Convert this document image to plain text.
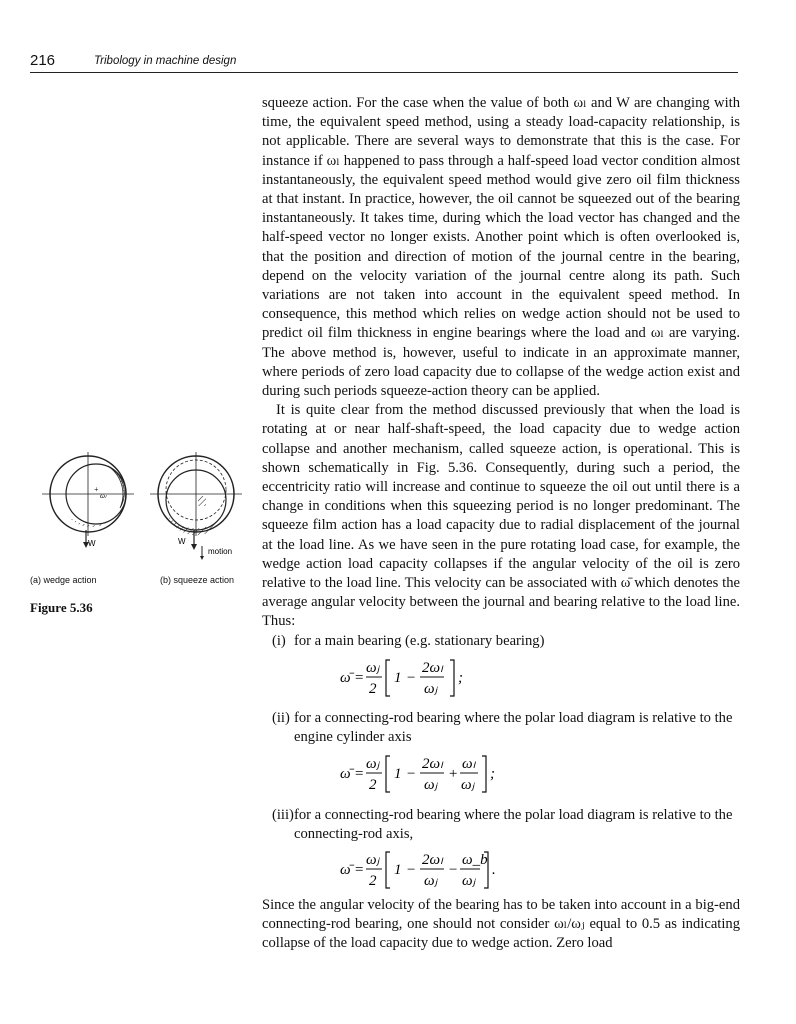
216	Tribology in machine design

squeeze action. For the case when the value of both ωₗ and W are changing with time, the equivalent speed method, using a steady load-capacity relationship, is not applicable. There are several ways to demonstrate that this is the case. For instance if ωₗ happened to pass through a half-speed load vector condition almost instantaneously, the equivalent speed method would give zero oil film thickness at that instant. In practice, however, the oil cannot be squeezed out of the bearing instantaneously. It takes time, during which the load vector has changed and the half-speed vector no longer exists. Another point which is often overlooked is, that the position and direction of motion of the journal centre in the bearing, depend on the velocity variation of the journal centre along its path. Such variations are not taken into account in the equivalent speed method. In consequence, this method which relies on wedge action should not be used to predict oil film thickness in engine bearings where the load and ωₗ are varying. The above method is, however, useful to indicate in an approximate manner, where periods of zero load capacity due to collapse of the wedge action exist and during such periods squeeze-action theory can be applied.

It is quite clear from the method discussed previously that when the load is rotating at or near half-shaft-speed, the load capacity due to wedge action collapse and another mechanism, called squeeze action, is operational. This is shown schematically in Fig. 5.36. Consequently, during such a period, the eccentricity ratio will increase and continue to squeeze the oil out until there is a change in conditions when this squeezing period is no longer predominant. The squeeze film action has a load capacity due to radial displacement of the journal at the load line. As we have seen in the pure rotating load case, for example, the wedge action load capacity collapses if the angular velocity of the oil is zero relative to the load line. This velocity can be associated with ω̄ which denotes the average angular velocity between the journal and bearing relative to the load line. Thus:

+
ωₗ
W	W
motion
(a) wedge action	(b) squeeze action
Figure 5.36
(i) for a main bearing (e.g. stationary bearing)
ω̄ =
ωⱼ
2
1 −
2ωₗ
ωⱼ
;
(ii) for a connecting-rod bearing where the polar load diagram is relative to the engine cylinder axis
ω̄ =
ωⱼ
2
1 −
2ωₗ
ωⱼ
+
ωₗ
ωⱼ
;
(iii) for a connecting-rod bearing where the polar load diagram is relative to the connecting-rod axis,
ω̄ =
ωⱼ
2
1 −
2ωₗ
ωⱼ
−
ω_b
ωⱼ
.
Since the angular velocity of the bearing has to be taken into account in a big-end connecting-rod bearing, one should not consider ωₗ/ωⱼ equal to 0.5 as indicating collapse of the load capacity due to wedge action. Zero load
